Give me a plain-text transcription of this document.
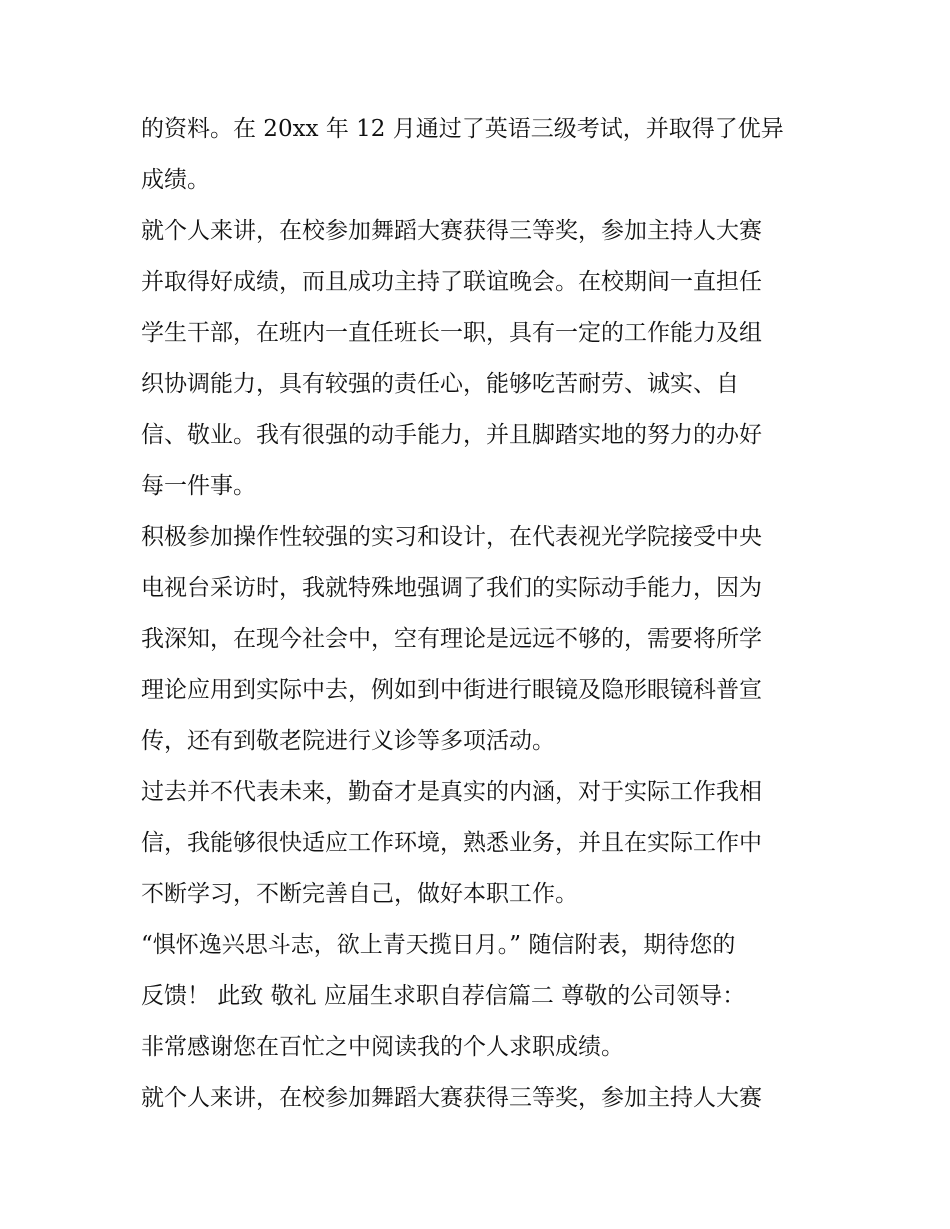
的资料。在 20xx 年 12 月通过了英语三级考试，并取得了优异
成绩。
就个人来讲，在校参加舞蹈大赛获得三等奖，参加主持人大赛
并取得好成绩，而且成功主持了联谊晚会。在校期间一直担任
学生干部，在班内一直任班长一职，具有一定的工作能力及组
织协调能力，具有较强的责任心，能够吃苦耐劳、诚实、自
信、敬业。我有很强的动手能力，并且脚踏实地的努力的办好
每一件事。
积极参加操作性较强的实习和设计，在代表视光学院接受中央
电视台采访时，我就特殊地强调了我们的实际动手能力，因为
我深知，在现今社会中，空有理论是远远不够的，需要将所学
理论应用到实际中去，例如到中街进行眼镜及隐形眼镜科普宣
传，还有到敬老院进行义诊等多项活动。
过去并不代表未来，勤奋才是真实的内涵，对于实际工作我相
信，我能够很快适应工作环境，熟悉业务，并且在实际工作中
不断学习，不断完善自己，做好本职工作。
“惧怀逸兴思斗志，欲上青天揽日月。” 随信附表，期待您的
反馈！ 此致 敬礼 应届生求职自荐信篇二 尊敬的公司领导：
非常感谢您在百忙之中阅读我的个人求职成绩。
就个人来讲，在校参加舞蹈大赛获得三等奖，参加主持人大赛
